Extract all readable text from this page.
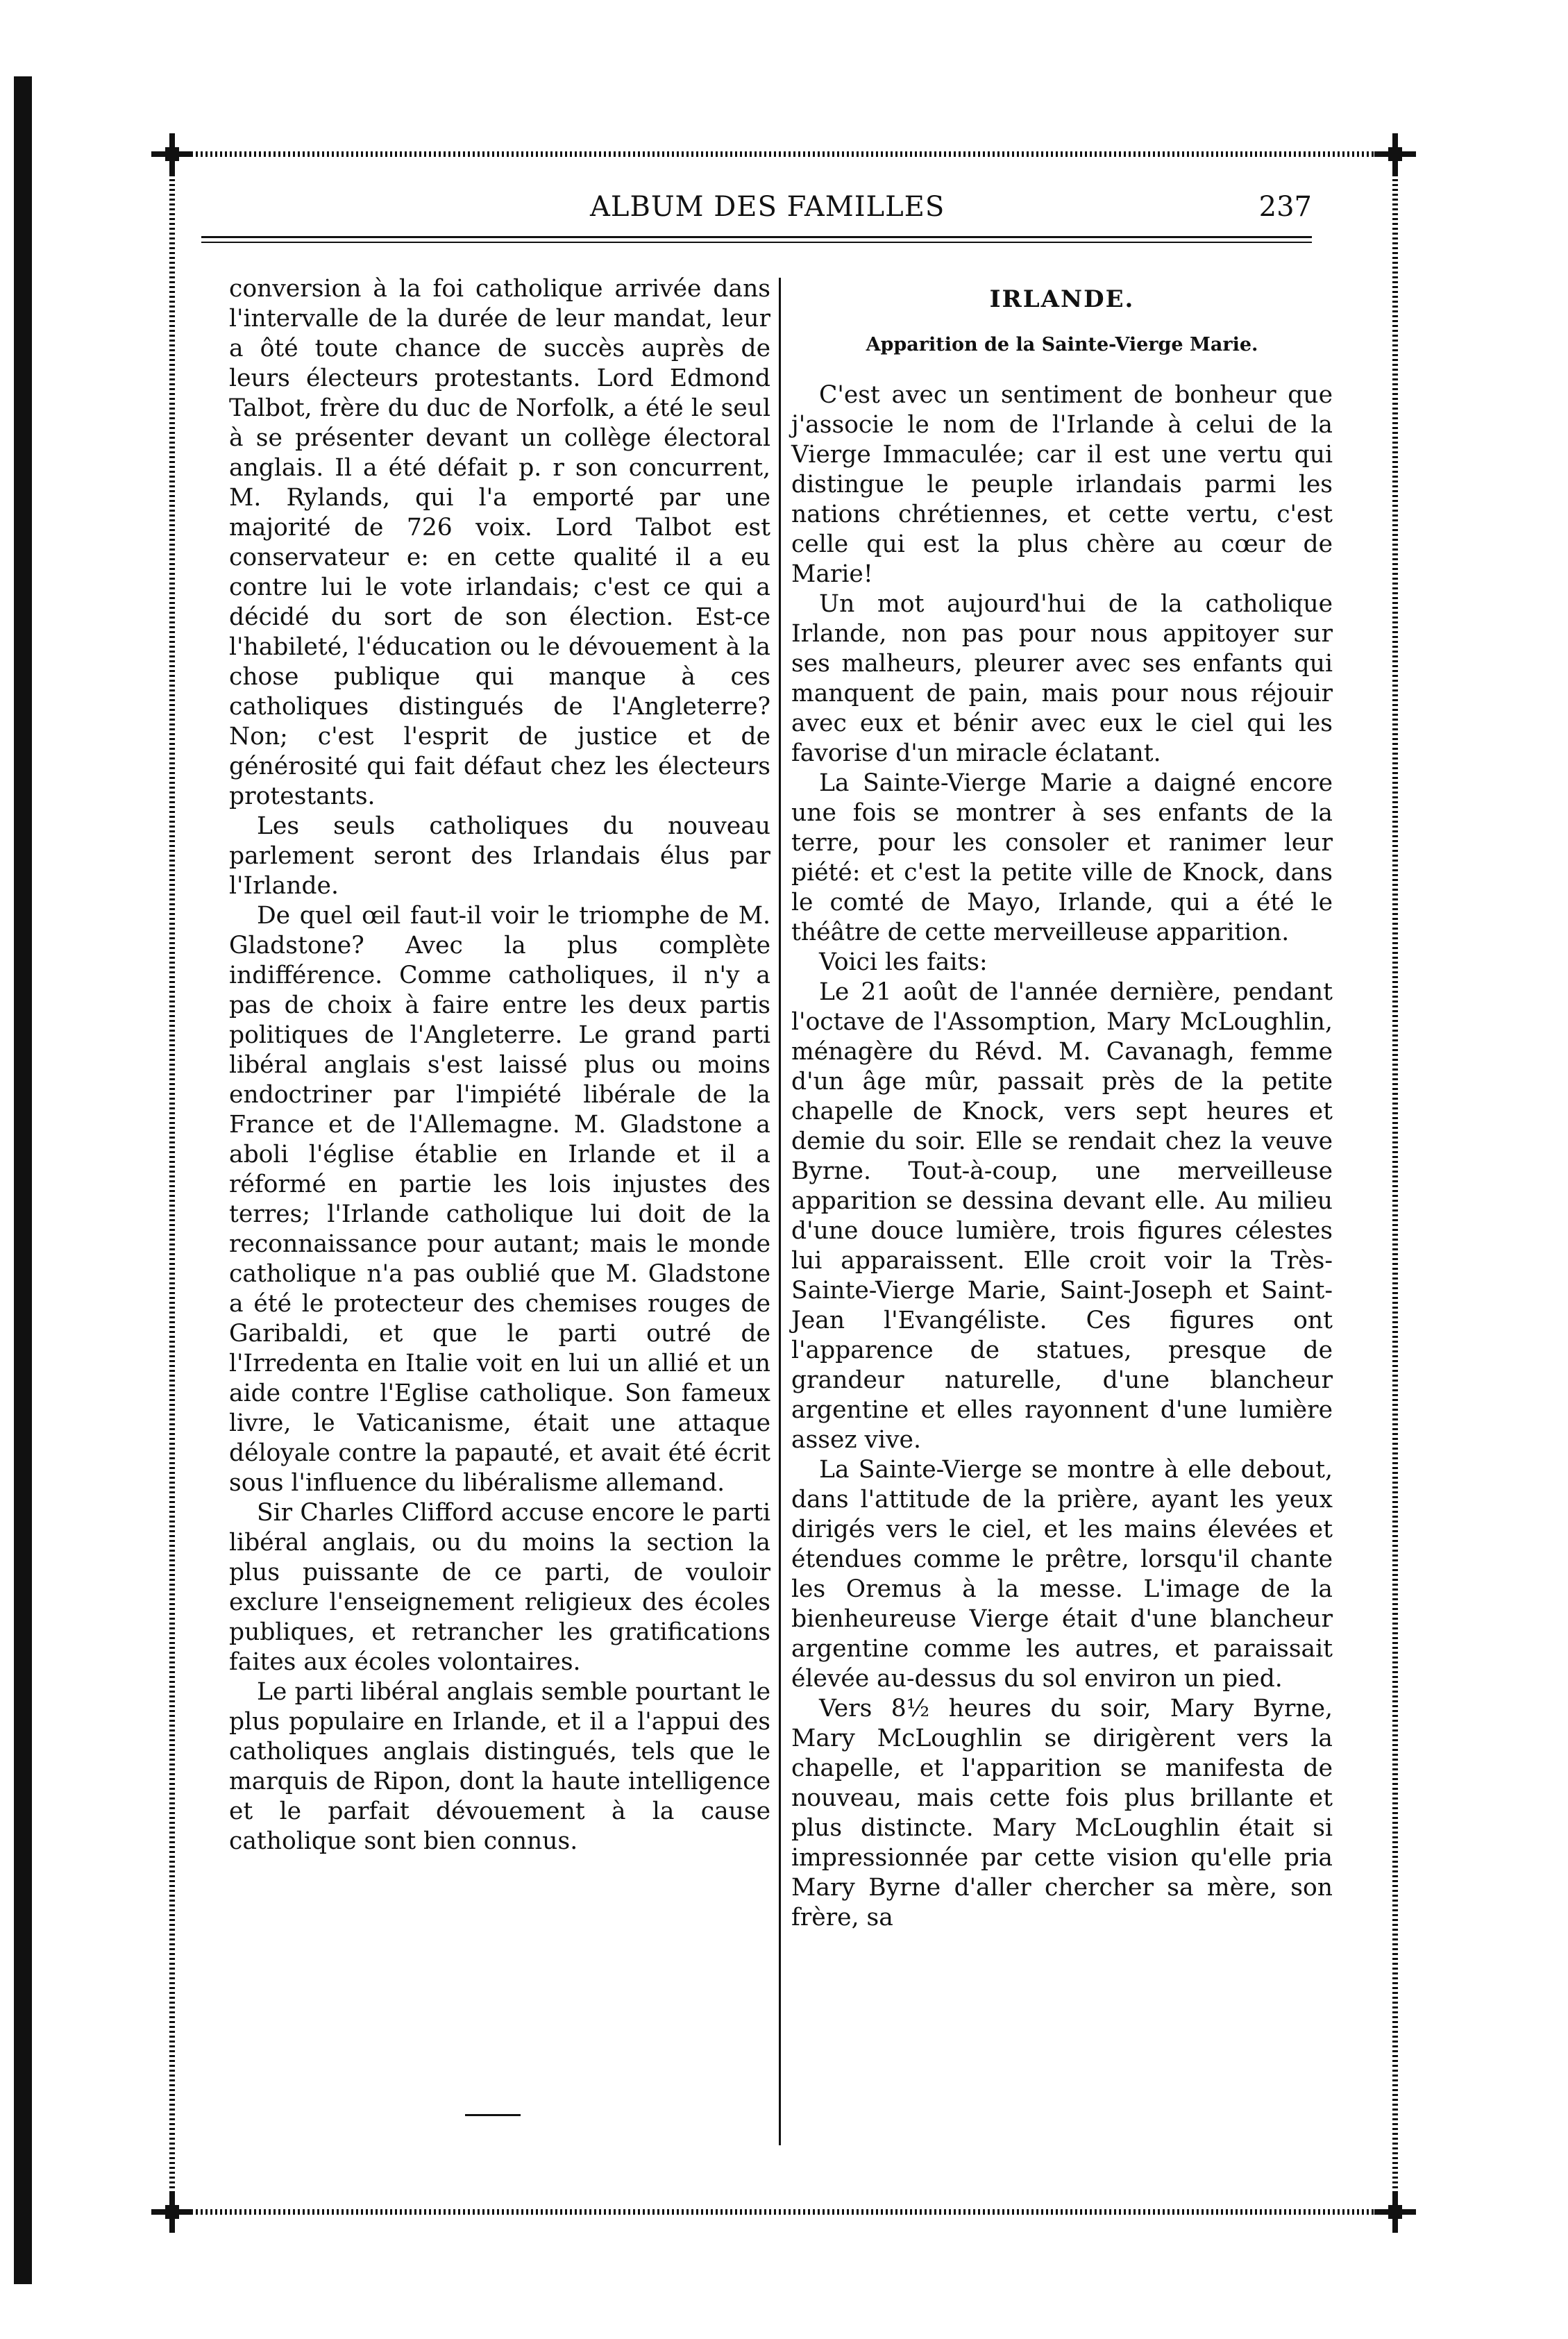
ALBUM DES FAMILLES	237

conversion à la foi catholique arrivée dans l'intervalle de la durée de leur mandat, leur a ôté toute chance de succès auprès de leurs électeurs protestants. Lord Edmond Talbot, frère du duc de Norfolk, a été le seul à se présenter devant un collège électoral anglais. Il a été défait p. r son concurrent, M. Rylands, qui l'a emporté par une majorité de 726 voix. Lord Talbot est conservateur e: en cette qualité il a eu contre lui le vote irlandais; c'est ce qui a décidé du sort de son élection. Est-ce l'habileté, l'éducation ou le dévouement à la chose publique qui manque à ces catholiques distingués de l'Angleterre? Non; c'est l'esprit de justice et de générosité qui fait défaut chez les électeurs protestants.

Les seuls catholiques du nouveau parlement seront des Irlandais élus par l'Irlande.

De quel œil faut-il voir le triomphe de M. Gladstone? Avec la plus complète indifférence. Comme catholiques, il n'y a pas de choix à faire entre les deux partis politiques de l'Angleterre. Le grand parti libéral anglais s'est laissé plus ou moins endoctriner par l'impiété libérale de la France et de l'Allemagne. M. Gladstone a aboli l'église établie en Irlande et il a réformé en partie les lois injustes des terres; l'Irlande catholique lui doit de la reconnaissance pour autant; mais le monde catholique n'a pas oublié que M. Gladstone a été le protecteur des chemises rouges de Garibaldi, et que le parti outré de l'Irredenta en Italie voit en lui un allié et un aide contre l'Eglise catholique. Son fameux livre, le Vaticanisme, était une attaque déloyale contre la papauté, et avait été écrit sous l'influence du libéralisme allemand.

Sir Charles Clifford accuse encore le parti libéral anglais, ou du moins la section la plus puissante de ce parti, de vouloir exclure l'enseignement religieux des écoles publiques, et retrancher les gratifications faites aux écoles volontaires.

Le parti libéral anglais semble pourtant le plus populaire en Irlande, et il a l'appui des catholiques anglais distingués, tels que le marquis de Ripon, dont la haute intelligence et le parfait dévouement à la cause catholique sont bien connus.

IRLANDE.

Apparition de la Sainte-Vierge Marie.

C'est avec un sentiment de bonheur que j'associe le nom de l'Irlande à celui de la Vierge Immaculée; car il est une vertu qui distingue le peuple irlandais parmi les nations chrétiennes, et cette vertu, c'est celle qui est la plus chère au cœur de Marie!

Un mot aujourd'hui de la catholique Irlande, non pas pour nous appitoyer sur ses malheurs, pleurer avec ses enfants qui manquent de pain, mais pour nous réjouir avec eux et bénir avec eux le ciel qui les favorise d'un miracle éclatant.

La Sainte-Vierge Marie a daigné encore une fois se montrer à ses enfants de la terre, pour les consoler et ranimer leur piété: et c'est la petite ville de Knock, dans le comté de Mayo, Irlande, qui a été le théâtre de cette merveilleuse apparition.

Voici les faits:

Le 21 août de l'année dernière, pendant l'octave de l'Assomption, Mary McLoughlin, ménagère du Révd. M. Cavanagh, femme d'un âge mûr, passait près de la petite chapelle de Knock, vers sept heures et demie du soir. Elle se rendait chez la veuve Byrne. Tout-à-coup, une merveilleuse apparition se dessina devant elle. Au milieu d'une douce lumière, trois figures célestes lui apparaissent. Elle croit voir la Très-Sainte-Vierge Marie, Saint-Joseph et Saint-Jean l'Evangéliste. Ces figures ont l'apparence de statues, presque de grandeur naturelle, d'une blancheur argentine et elles rayonnent d'une lumière assez vive.

La Sainte-Vierge se montre à elle debout, dans l'attitude de la prière, ayant les yeux dirigés vers le ciel, et les mains élevées et étendues comme le prêtre, lorsqu'il chante les Oremus à la messe. L'image de la bienheureuse Vierge était d'une blancheur argentine comme les autres, et paraissait élevée au-dessus du sol environ un pied.

Vers 8½ heures du soir, Mary Byrne, Mary McLoughlin se dirigèrent vers la chapelle, et l'apparition se manifesta de nouveau, mais cette fois plus brillante et plus distincte. Mary McLoughlin était si impressionnée par cette vision qu'elle pria Mary Byrne d'aller chercher sa mère, son frère, sa
